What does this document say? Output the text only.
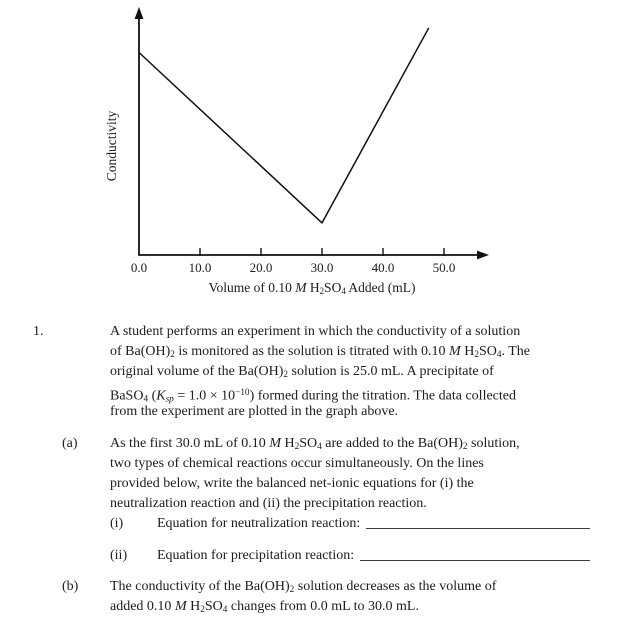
0.0	10.0	20.0	30.0	40.0	50.0
Volume of 0.10 M $H_2SO_4$ Added (mL)
Conductivity
1.	A student performs an experiment in which the conductivity of a solution
of $Ba(OH)_2$ is monitored as the solution is titrated with 0.10 M $H_2SO_4$. The
original volume of the $Ba(OH)_2$ solution is 25.0 mL. A precipitate of
BaSO$_4$ $(Ksp = 1.0 \times 10^{-10})$ formed during the titration. The data collected
from the experiment are plotted in the graph above.
(a) As the first 30.0 mL of 0.10 M $H_2SO_4$ are added to the $Ba(OH)_2$ solution,
two types of chemical reactions occur simultaneously. On the lines
provided below, write the balanced net-ionic equations for (i) the
neutralization reaction and (ii) the precipitation reaction.
(i)	Equation for neutralization reaction:
(ii)	Equation for precipitation reaction:
(b) The conductivity of the $Ba(OH)_2$ solution decreases as the volume of
added 0.10 M $H_2SO_4$ changes from 0.0 mL to 30.0 mL.
